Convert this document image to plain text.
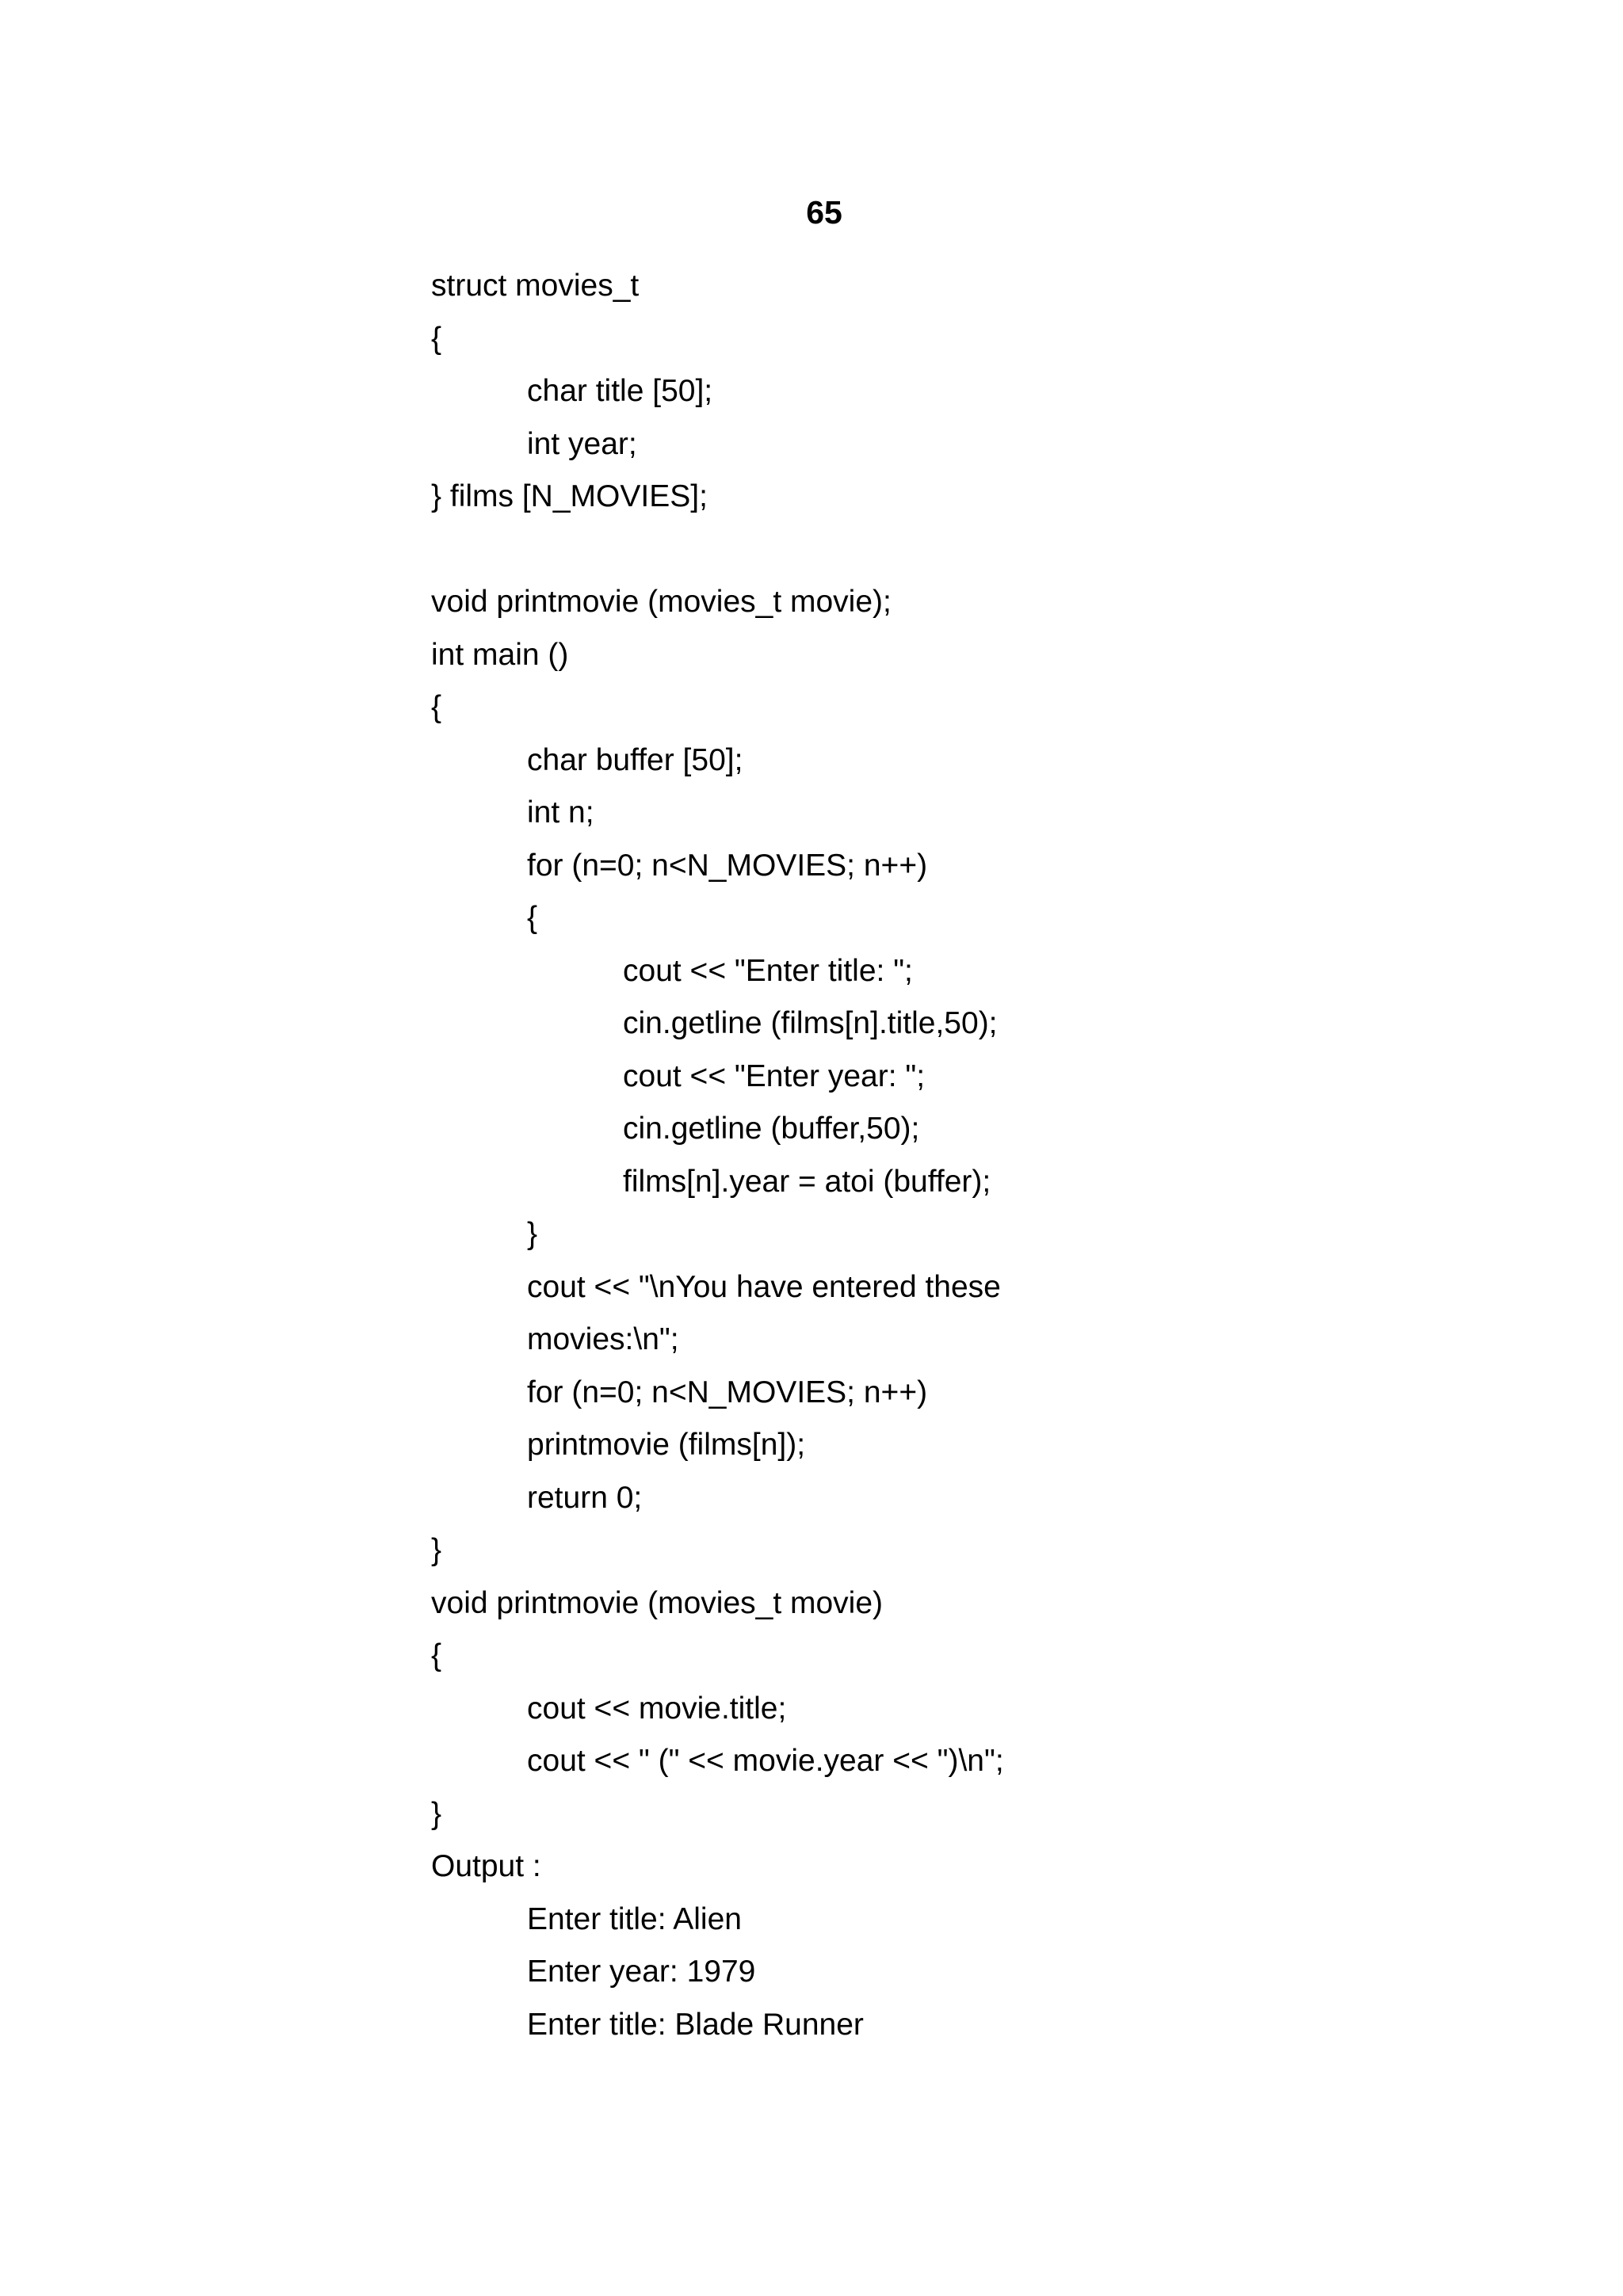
65
struct movies_t
{
char title [50];
int year;
} films [N_MOVIES];
void printmovie (movies_t movie);
int main ()
{
char buffer [50];
int n;
for (n=0; n<N_MOVIES; n++)
{
cout << "Enter title: ";
cin.getline (films[n].title,50);
cout << "Enter year: ";
cin.getline (buffer,50);
films[n].year = atoi (buffer);
}
cout << "\nYou have entered these
movies:\n";
for (n=0; n<N_MOVIES; n++)
printmovie (films[n]);
return 0;
}
void printmovie (movies_t movie)
{
cout << movie.title;
cout << " (" << movie.year << ")\n";
}
Output :
Enter title: Alien
Enter year: 1979
Enter title: Blade Runner
